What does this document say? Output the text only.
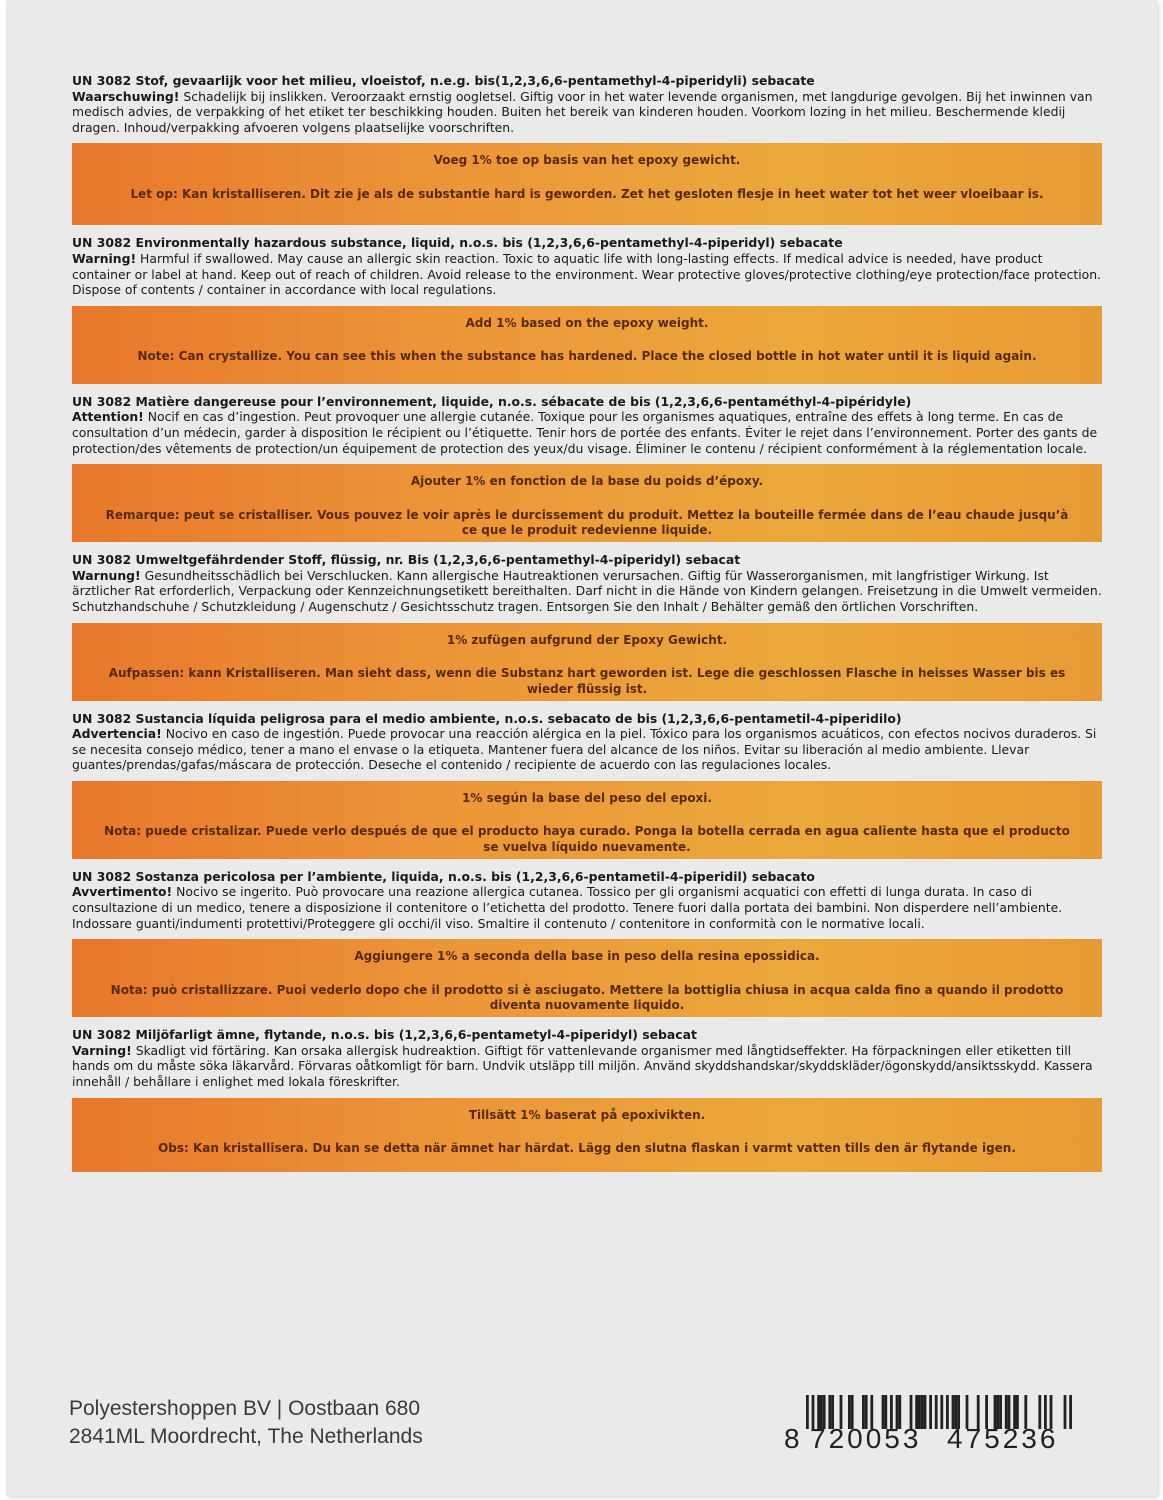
UN 3082 Stof, gevaarlijk voor het milieu, vloeistof, n.e.g. bis(1,2,3,6,6-pentamethyl-4-piperidyli) sebacate
Waarschuwing! Schadelijk bij inslikken. Veroorzaakt ernstig oogletsel. Giftig voor in het water levende organismen, met langdurige gevolgen. Bij het inwinnen van medisch advies, de verpakking of het etiket ter beschikking houden. Buiten het bereik van kinderen houden. Voorkom lozing in het milieu. Beschermende kledij dragen. Inhoud/verpakking afvoeren volgens plaatselijke voorschriften.
Voeg 1% toe op basis van het epoxy gewicht.
Let op: Kan kristalliseren. Dit zie je als de substantie hard is geworden. Zet het gesloten flesje in heet water tot het weer vloeibaar is.
UN 3082 Environmentally hazardous substance, liquid, n.o.s. bis (1,2,3,6,6-pentamethyl-4-piperidyl) sebacate
Warning! Harmful if swallowed. May cause an allergic skin reaction. Toxic to aquatic life with long-lasting effects. If medical advice is needed, have product container or label at hand. Keep out of reach of children. Avoid release to the environment. Wear protective gloves/protective clothing/eye protection/face protection. Dispose of contents / container in accordance with local regulations.
Add 1% based on the epoxy weight.
Note: Can crystallize. You can see this when the substance has hardened. Place the closed bottle in hot water until it is liquid again.
UN 3082 Matière dangereuse pour l’environnement, liquide, n.o.s. sébacate de bis (1,2,3,6,6-pentaméthyl-4-pipéridyle)
Attention! Nocif en cas d’ingestion. Peut provoquer une allergie cutanée. Toxique pour les organismes aquatiques, entraîne des effets à long terme. En cas de consultation d’un médecin, garder à disposition le récipient ou l’étiquette. Tenir hors de portée des enfants. Éviter le rejet dans l’environnement. Porter des gants de protection/des vêtements de protection/un équipement de protection des yeux/du visage. Éliminer le contenu / récipient conformément à la réglementation locale.
Ajouter 1% en fonction de la base du poids d’époxy.
Remarque: peut se cristalliser. Vous pouvez le voir après le durcissement du produit. Mettez la bouteille fermée dans de l’eau chaude jusqu’à ce que le produit redevienne liquide.
UN 3082 Umweltgefährdender Stoff, flüssig, nr. Bis (1,2,3,6,6-pentamethyl-4-piperidyl) sebacat
Warnung! Gesundheitsschädlich bei Verschlucken. Kann allergische Hautreaktionen verursachen. Giftig für Wasserorganismen, mit langfristiger Wirkung. Ist ärztlicher Rat erforderlich, Verpackung oder Kennzeichnungsetikett bereithalten. Darf nicht in die Hände von Kindern gelangen. Freisetzung in die Umwelt vermeiden. Schutzhandschuhe / Schutzkleidung / Augenschutz / Gesichtsschutz tragen. Entsorgen Sie den Inhalt / Behälter gemäß den örtlichen Vorschriften.
1% zufügen aufgrund der Epoxy Gewicht.
Aufpassen: kann Kristalliseren. Man sieht dass, wenn die Substanz hart geworden ist. Lege die geschlossen Flasche in heisses Wasser bis es wieder flüssig ist.
UN 3082 Sustancia líquida peligrosa para el medio ambiente, n.o.s. sebacato de bis (1,2,3,6,6-pentametil-4-piperidilo)
Advertencia! Nocivo en caso de ingestión. Puede provocar una reacción alérgica en la piel. Tóxico para los organismos acuáticos, con efectos nocivos duraderos. Si se necesita consejo médico, tener a mano el envase o la etiqueta. Mantener fuera del alcance de los niños. Evitar su liberación al medio ambiente. Llevar guantes/prendas/gafas/máscara de protección. Deseche el contenido / recipiente de acuerdo con las regulaciones locales.
1% según la base del peso del epoxi.
Nota: puede cristalizar. Puede verlo después de que el producto haya curado. Ponga la botella cerrada en agua caliente hasta que el producto se vuelva líquido nuevamente.
UN 3082 Sostanza pericolosa per l’ambiente, liquida, n.o.s. bis (1,2,3,6,6-pentametil-4-piperidil) sebacato
Avvertimento! Nocivo se ingerito. Può provocare una reazione allergica cutanea. Tossico per gli organismi acquatici con effetti di lunga durata. In caso di consultazione di un medico, tenere a disposizione il contenitore o l’etichetta del prodotto. Tenere fuori dalla portata dei bambini. Non disperdere nell’ambiente. Indossare guanti/indumenti protettivi/Proteggere gli occhi/il viso. Smaltire il contenuto / contenitore in conformità con le normative locali.
Aggiungere 1% a seconda della base in peso della resina epossidica.
Nota: può cristallizzare. Puoi vederlo dopo che il prodotto si è asciugato. Mettere la bottiglia chiusa in acqua calda fino a quando il prodotto diventa nuovamente liquido.
UN 3082 Miljöfarligt ämne, flytande, n.o.s. bis (1,2,3,6,6-pentametyl-4-piperidyl) sebacat
Varning! Skadligt vid förtäring. Kan orsaka allergisk hudreaktion. Giftigt för vattenlevande organismer med långtidseffekter. Ha förpackningen eller etiketten till hands om du måste söka läkarvård. Förvaras oåtkomligt för barn. Undvik utsläpp till miljön. Använd skyddshandskar/skyddskläder/ögonskydd/ansiktsskydd. Kassera innehåll / behållare i enlighet med lokala föreskrifter.
Tillsätt 1% baserat på epoxivikten.
Obs: Kan kristallisera. Du kan se detta när ämnet har härdat. Lägg den slutna flaskan i varmt vatten tills den är flytande igen.
Polyestershoppen BV | Oostbaan 680
2841ML Moordrecht, The Netherlands	8 720053 475236
